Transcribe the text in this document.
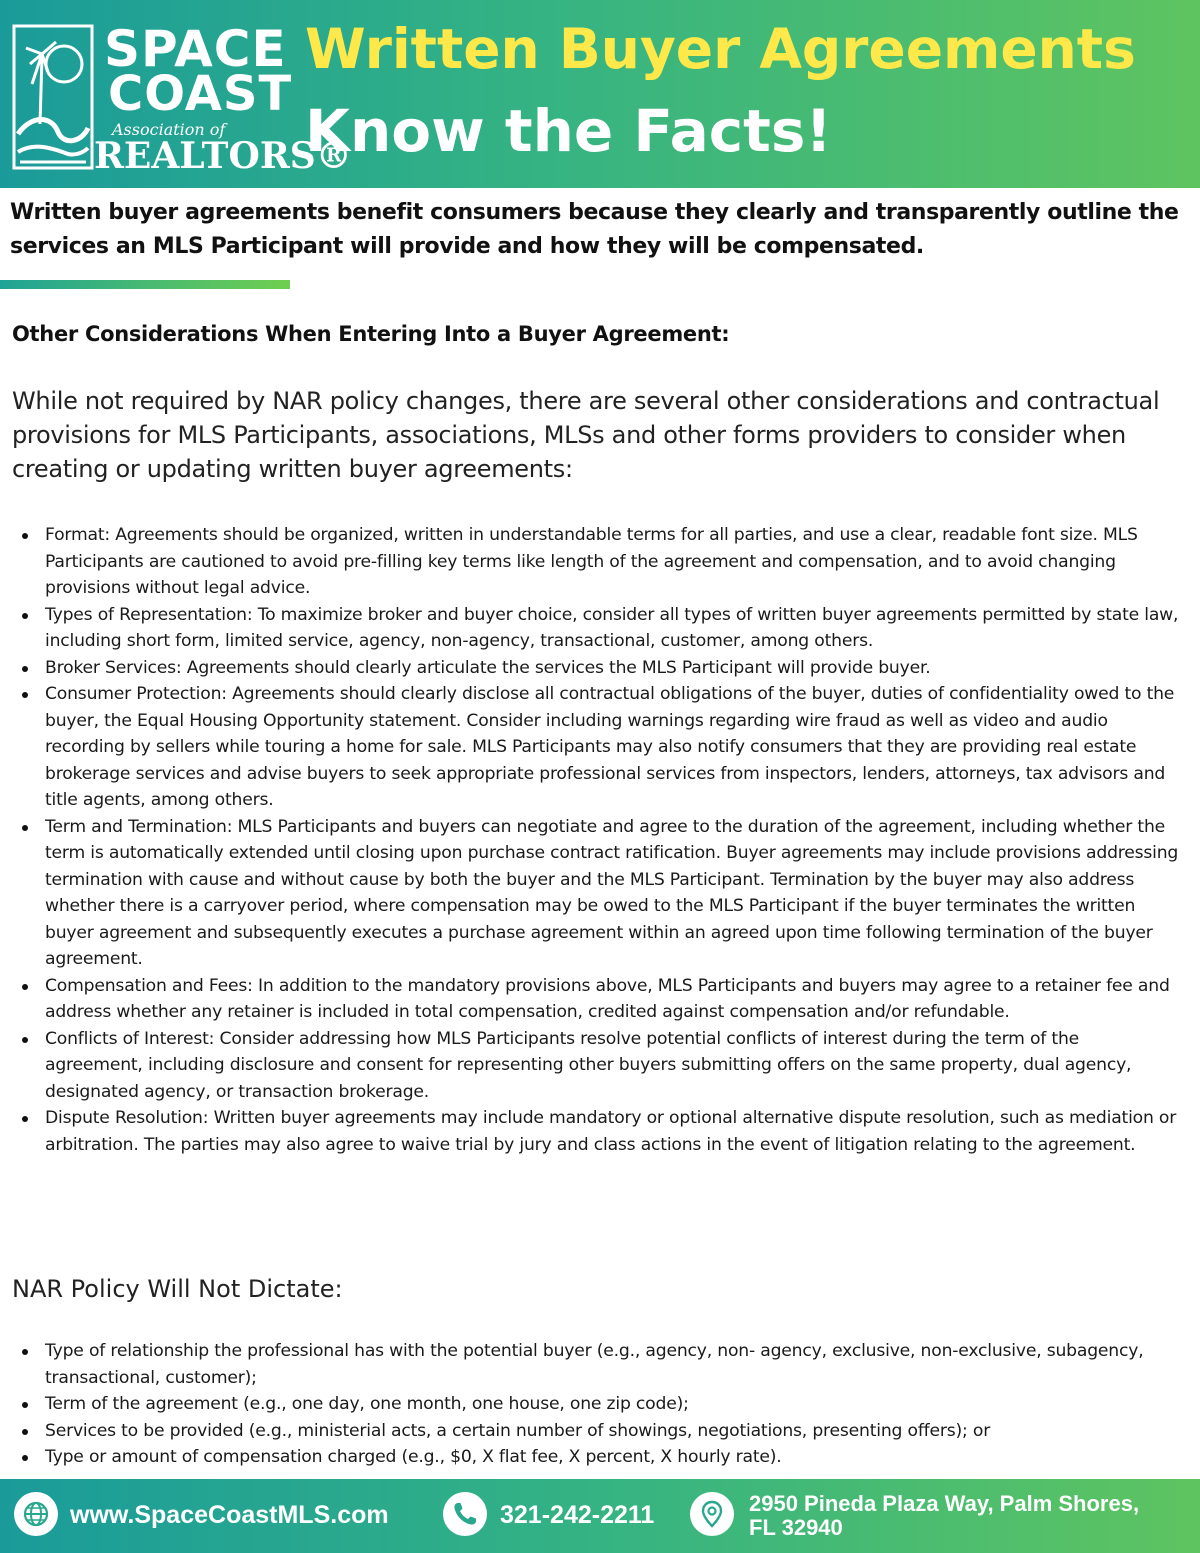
SPACE
COAST
Association of
REALTORS®
Written Buyer Agreements
Know the Facts!
Written buyer agreements benefit consumers because they clearly and transparently outline the services an MLS Participant will provide and how they will be compensated.
Other Considerations When Entering Into a Buyer Agreement:
While not required by NAR policy changes, there are several other considerations and contractual provisions for MLS Participants, associations, MLSs and other forms providers to consider when creating or updating written buyer agreements:
Format: Agreements should be organized, written in understandable terms for all parties, and use a clear, readable font size. MLS Participants are cautioned to avoid pre-filling key terms like length of the agreement and compensation, and to avoid changing provisions without legal advice.
Types of Representation: To maximize broker and buyer choice, consider all types of written buyer agreements permitted by state law, including short form, limited service, agency, non-agency, transactional, customer, among others.
Broker Services: Agreements should clearly articulate the services the MLS Participant will provide buyer.
Consumer Protection: Agreements should clearly disclose all contractual obligations of the buyer, duties of confidentiality owed to the buyer, the Equal Housing Opportunity statement. Consider including warnings regarding wire fraud as well as video and audio recording by sellers while touring a home for sale. MLS Participants may also notify consumers that they are providing real estate brokerage services and advise buyers to seek appropriate professional services from inspectors, lenders, attorneys, tax advisors and title agents, among others.
Term and Termination: MLS Participants and buyers can negotiate and agree to the duration of the agreement, including whether the term is automatically extended until closing upon purchase contract ratification. Buyer agreements may include provisions addressing termination with cause and without cause by both the buyer and the MLS Participant. Termination by the buyer may also address whether there is a carryover period, where compensation may be owed to the MLS Participant if the buyer terminates the written buyer agreement and subsequently executes a purchase agreement within an agreed upon time following termination of the buyer agreement.
Compensation and Fees: In addition to the mandatory provisions above, MLS Participants and buyers may agree to a retainer fee and address whether any retainer is included in total compensation, credited against compensation and/or refundable.
Conflicts of Interest: Consider addressing how MLS Participants resolve potential conflicts of interest during the term of the agreement, including disclosure and consent for representing other buyers submitting offers on the same property, dual agency, designated agency, or transaction brokerage.
Dispute Resolution: Written buyer agreements may include mandatory or optional alternative dispute resolution, such as mediation or arbitration. The parties may also agree to waive trial by jury and class actions in the event of litigation relating to the agreement.
NAR Policy Will Not Dictate:
Type of relationship the professional has with the potential buyer (e.g., agency, non- agency, exclusive, non-exclusive, subagency, transactional, customer);
Term of the agreement (e.g., one day, one month, one house, one zip code);
Services to be provided (e.g., ministerial acts, a certain number of showings, negotiations, presenting offers); or
Type or amount of compensation charged (e.g., $0, X flat fee, X percent, X hourly rate).
www.SpaceCoastMLS.com	321-242-2211	2950 Pineda Plaza Way, Palm Shores,
FL 32940
